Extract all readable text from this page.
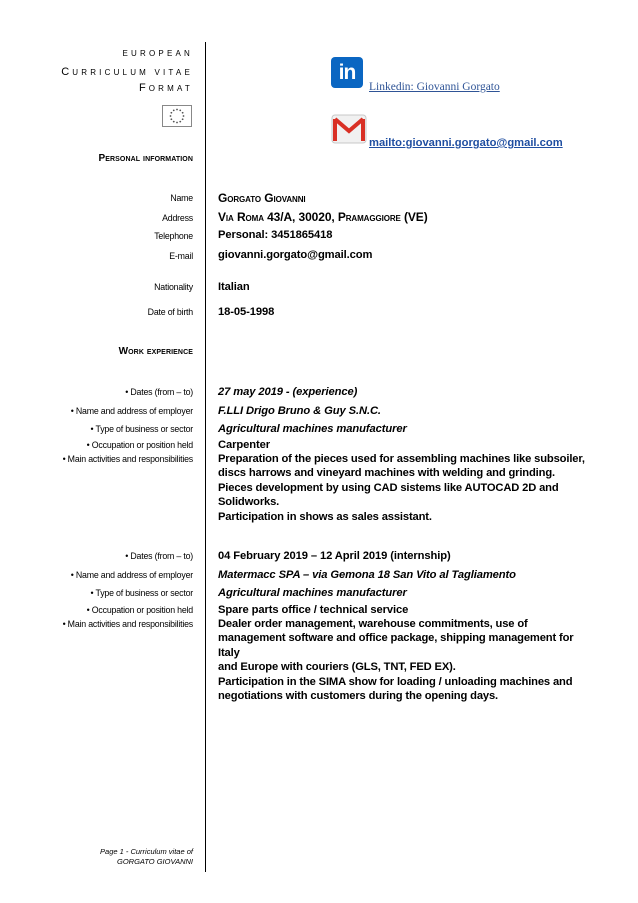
EUROPEAN
CURRICULUM VITAE
FORMAT
in
Linkedin: Giovanni Gorgato
mailto:giovanni.gorgato@gmail.com
Personal information
Name Gorgato Giovanni
Address Via Roma 43/A, 30020, Pramaggiore (VE)
Telephone Personal: 3451865418
E-mail giovanni.gorgato@gmail.com
Nationality Italian
Date of birth 18-05-1998
Work experience
• Dates (from – to) 27 may 2019 - (experience)
• Name and address of employer F.LLI Drigo Bruno & Guy S.N.C.
• Type of business or sector Agricultural machines manufacturer
• Occupation or position held Carpenter
• Main activities and responsibilities Preparation of the pieces used for assembling machines like subsoiler,
discs harrows and vineyard machines with welding and grinding.
Pieces development by using CAD sistems like AUTOCAD 2D and
Solidworks.
Participation in shows as sales assistant.
• Dates (from – to) 04 February 2019 – 12 April 2019 (internship)
• Name and address of employer Matermacc SPA – via Gemona 18 San Vito al Tagliamento
• Type of business or sector Agricultural machines manufacturer
• Occupation or position held Spare parts office / technical service
• Main activities and responsibilities Dealer order management, warehouse commitments, use of
management software and office package, shipping management for Italy
and Europe with couriers (GLS, TNT, FED EX).
Participation in the SIMA show for loading / unloading machines and
negotiations with customers during the opening days.
Page 1 - Curriculum vitae of
GORGATO GIOVANNI
